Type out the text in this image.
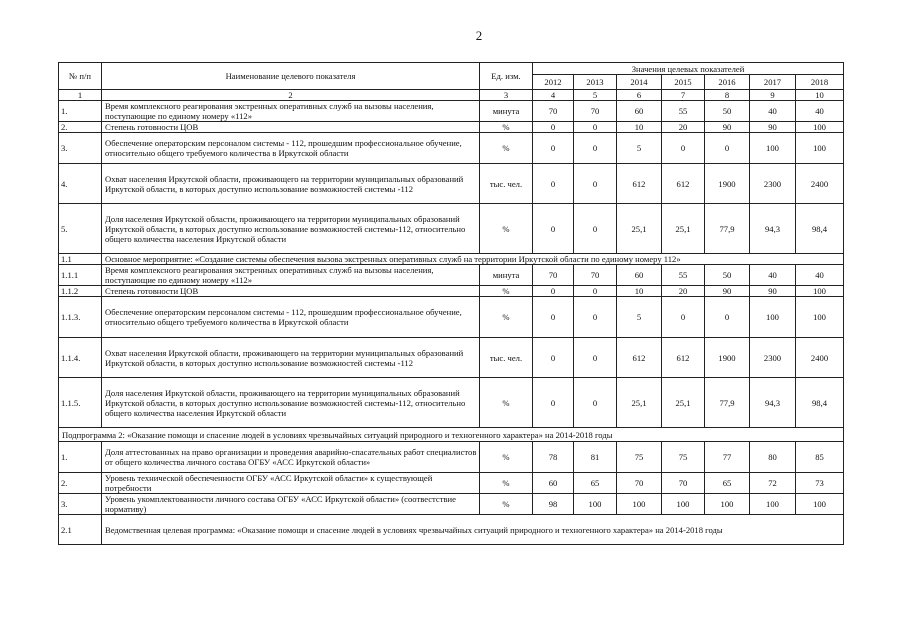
2
№ п/п	Наименование целевого показателя	Ед. изм.	Значения целевых показателей						
			2012	2013	2014	2015	2016	2017	2018
1	2	3	4	5	6	7	8	9	10
1.	Время комплексного реагирования экстренных оперативных служб на вызовы населения, поступающие по единому номеру «112»	минута	70	70	60	55	50	40	40
2.	Степень готовности ЦОВ	%	0	0	10	20	90	90	100
3.	Обеспечение операторским персоналом системы - 112, прошедшим профессиональное обучение, относительно общего требуемого количества в Иркутской области	%	0	0	5	0	0	100	100
4.	Охват населения Иркутской области, проживающего на территории муниципальных образований Иркутской области, в которых доступно использование возможностей системы -112	тыс. чел.	0	0	612	612	1900	2300	2400
5.	Доля населения Иркутской области, проживающего на территории муниципальных образований Иркутской области, в которых доступно использование возможностей системы-112, относительно общего количества населения Иркутской области	%	0	0	25,1	25,1	77,9	94,3	98,4
1.1	Основное мероприятие: «Создание системы обеспечения вызова экстренных оперативных служб на территории Иркутской области по единому номеру 112»								
1.1.1	Время комплексного реагирования экстренных оперативных служб на вызовы населения, поступающие по единому номеру «112»	минута	70	70	60	55	50	40	40
1.1.2	Степень готовности ЦОВ	%	0	0	10	20	90	90	100
1.1.3.	Обеспечение операторским персоналом системы - 112, прошедшим профессиональное обучение, относительно общего требуемого количества в Иркутской области	%	0	0	5	0	0	100	100
1.1.4.	Охват населения Иркутской области, проживающего на территории муниципальных образований Иркутской области, в которых доступно использование возможностей системы -112	тыс. чел.	0	0	612	612	1900	2300	2400
1.1.5.	Доля населения Иркутской области, проживающего на территории муниципальных образований Иркутской области, в которых доступно использование возможностей системы-112, относительно общего количества населения Иркутской области	%	0	0	25,1	25,1	77,9	94,3	98,4
Подпрограмма 2: «Оказание помощи и спасение людей в условиях чрезвычайных ситуаций природного и техногенного характера» на 2014-2018 годы									
1.	Доля аттестованных на право организации и проведения аварийно-спасательных работ специалистов от общего количества личного состава ОГБУ «АСС Иркутской области»	%	78	81	75	75	77	80	85
2.	Уровень технической обеспеченности ОГБУ «АСС Иркутской области» к существующей потребности	%	60	65	70	70	65	72	73
3.	Уровень укомплектованности личного состава ОГБУ «АСС Иркутской области» (соотвестствие нормативу)	%	98	100	100	100	100	100	100
2.1	Ведомственная целевая программа: «Оказание помощи и спасение людей в условиях чрезвычайных ситуаций природного и техногенного характера» на 2014-2018 годы								
